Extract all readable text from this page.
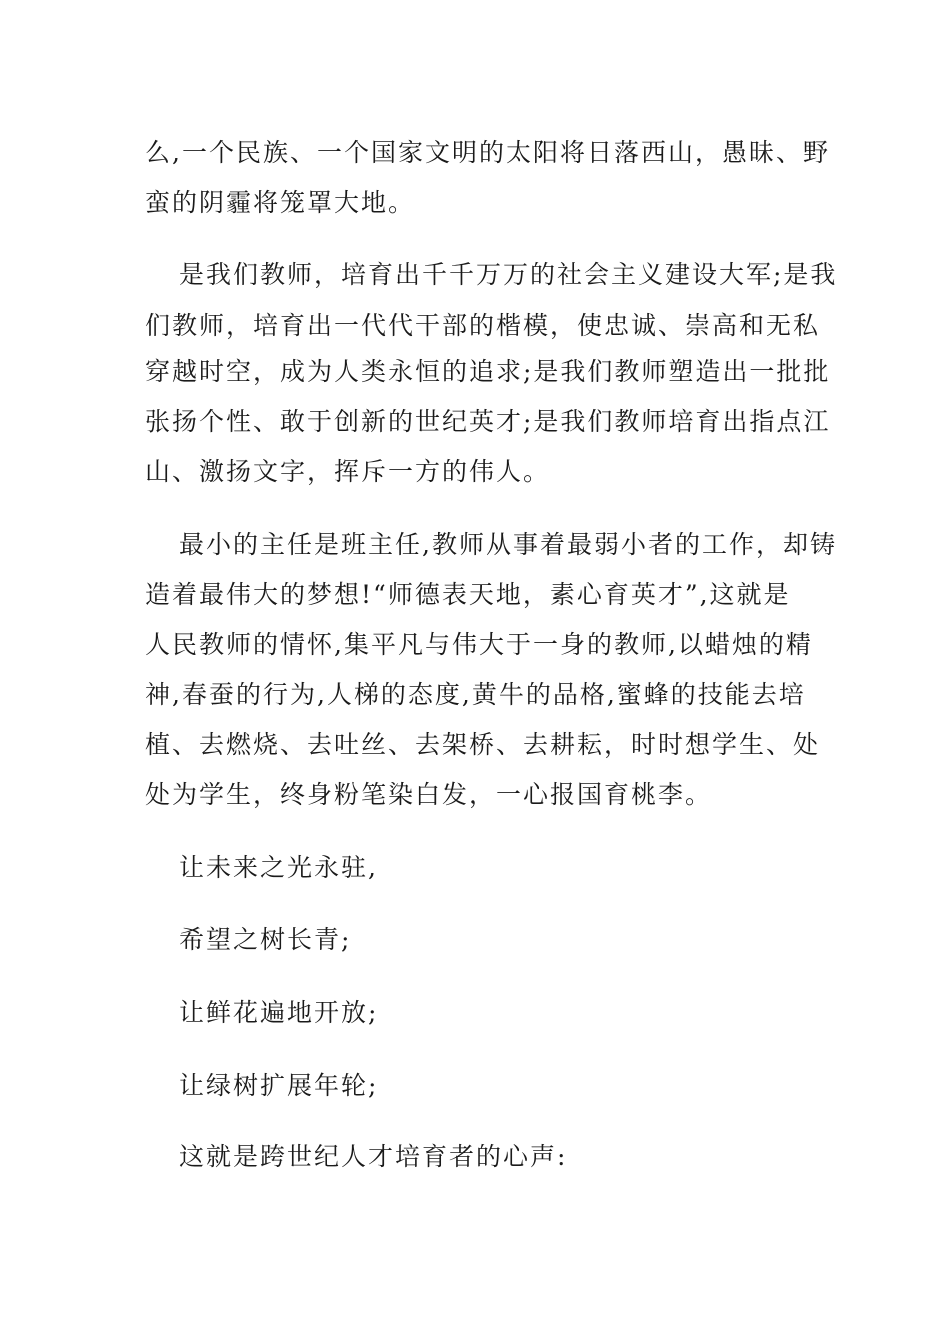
么,一个民族、一个国家文明的太阳将日落西山，愚昧、野
蛮的阴霾将笼罩大地。
是我们教师，培育出千千万万的社会主义建设大军;是我
们教师，培育出一代代干部的楷模，使忠诚、崇高和无私
穿越时空，成为人类永恒的追求;是我们教师塑造出一批批
张扬个性、敢于创新的世纪英才;是我们教师培育出指点江
山、激扬文字，挥斥一方的伟人。
最小的主任是班主任,教师从事着最弱小者的工作，却铸
造着最伟大的梦想!“师德表天地，素心育英才”,这就是
人民教师的情怀,集平凡与伟大于一身的教师,以蜡烛的精
神,春蚕的行为,人梯的态度,黄牛的品格,蜜蜂的技能去培
植、去燃烧、去吐丝、去架桥、去耕耘，时时想学生、处
处为学生，终身粉笔染白发，一心报国育桃李。
让未来之光永驻,
希望之树长青;
让鲜花遍地开放;
让绿树扩展年轮;
这就是跨世纪人才培育者的心声:
